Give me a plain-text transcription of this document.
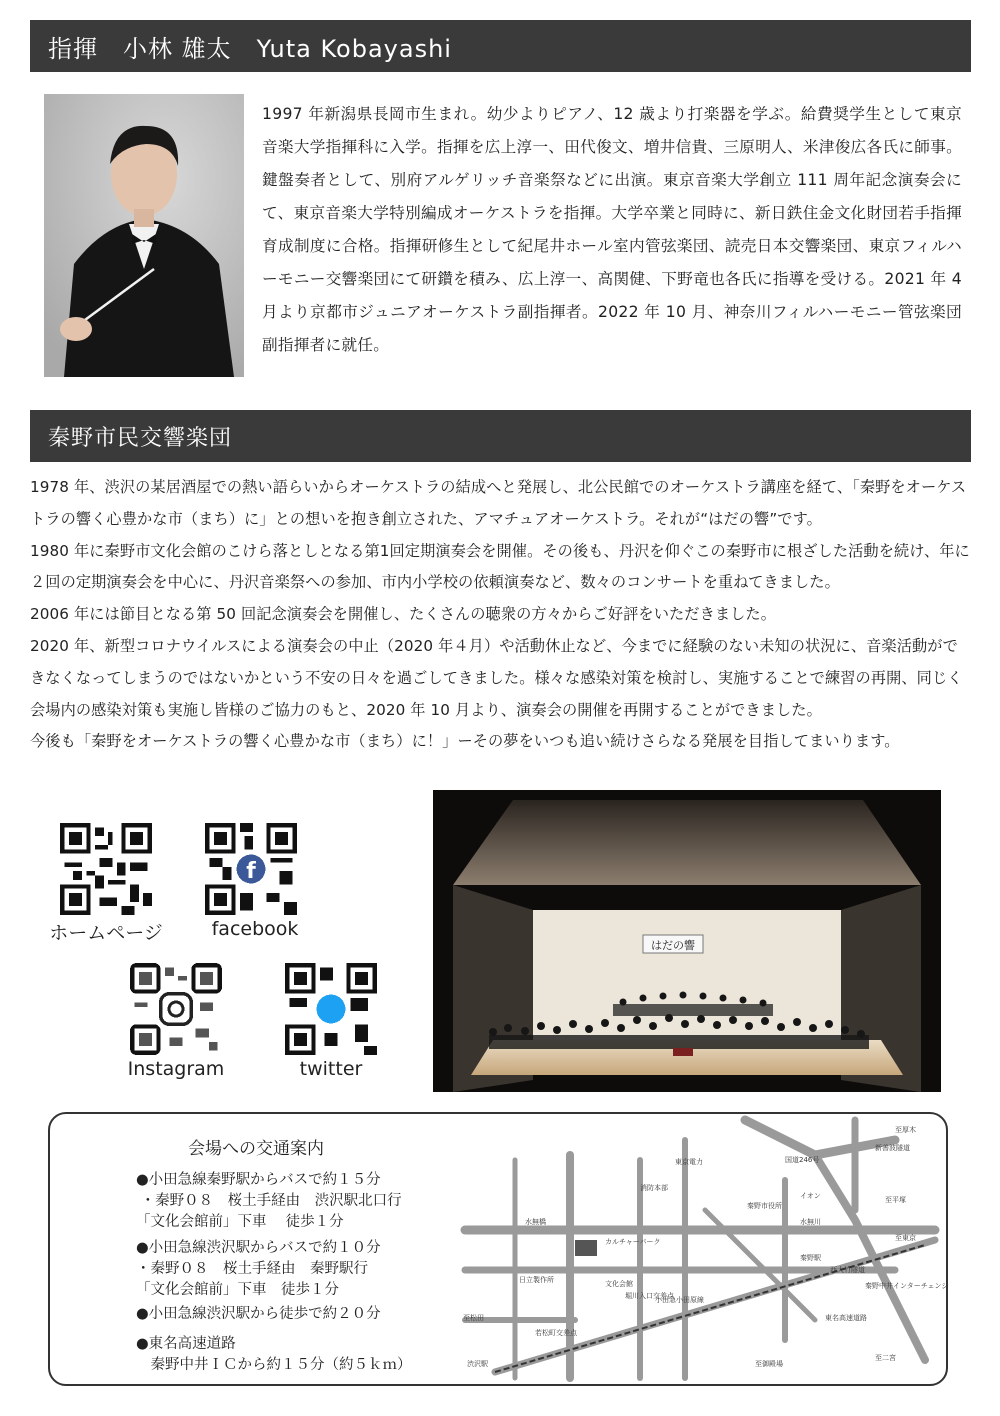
指揮　小林 雄太　Yuta Kobayashi
1997 年新潟県長岡市生まれ。幼少よりピアノ、12 歳より打楽器を学ぶ。給費奨学生として東京音楽大学指揮科に入学。指揮を広上淳一、田代俊文、増井信貴、三原明人、米津俊広各氏に師事。鍵盤奏者として、別府アルゲリッチ音楽祭などに出演。東京音楽大学創立 111 周年記念演奏会にて、東京音楽大学特別編成オーケストラを指揮。大学卒業と同時に、新日鉄住金文化財団若手指揮育成制度に合格。指揮研修生として紀尾井ホール室内管弦楽団、読売日本交響楽団、東京フィルハーモニー交響楽団にて研鑽を積み、広上淳一、高関健、下野竜也各氏に指導を受ける。2021 年 4 月より京都市ジュニアオーケストラ副指揮者。2022 年 10 月、神奈川フィルハーモニー管弦楽団副指揮者に就任。
秦野市民交響楽団

1978 年、渋沢の某居酒屋での熱い語らいからオーケストラの結成へと発展し、北公民館でのオーケストラ講座を経て、｢秦野をオーケストラの響く心豊かな市（まち）に」との想いを抱き創立された、アマチュアオーケストラ。それが“はだの響”です。

1980 年に秦野市文化会館のこけら落としとなる第1回定期演奏会を開催。その後も、丹沢を仰ぐこの秦野市に根ざした活動を続け、年に２回の定期演奏会を中心に、丹沢音楽祭への参加、市内小学校の依頼演奏など、数々のコンサートを重ねてきました。

2006 年には節目となる第 50 回記念演奏会を開催し、たくさんの聴衆の方々からご好評をいただきました。

2020 年、新型コロナウイルスによる演奏会の中止（2020 年４月）や活動休止など、今までに経験のない未知の状況に、音楽活動ができなくなってしまうのではないかという不安の日々を過ごしてきました。様々な感染対策を検討し、実施することで練習の再開、同じく会場内の感染対策も実施し皆様のご協力のもと、2020 年 10 月より、演奏会の開催を再開することができました。

今後も「秦野をオーケストラの響く心豊かな市（まち）に！」ーその夢をいつも追い続けさらなる発展を目指してまいります。

ホームページ
f
facebook
Instagram	twitter
はだの響
会場への交通案内
●小田急線秦野駅からバスで約１５分
・秦野０８　桜土手経由　渋沢駅北口行
「文化会館前」下車　 徒歩１分
●小田急線渋沢駅からバスで約１０分
・秦野０８　桜土手経由　秦野駅行
「文化会館前」下車　徒歩１分
●小田急線渋沢駅から徒歩で約２０分
●東名高速道路
　秦野中井ＩＣから約１５分（約５ｋｍ）
至厚木
新善波隧道
東京電力	国道246号
至平塚
消防本部
イオン
水無川
カルチャーパーク
日立製作所	文化会館
堀川入口交差点
秦野駅
至東京
西大竹隧道
秦野中井インターチェンジ
東名高速道路
至松田
渋沢駅
至二宮
至御殿場
小田急小田原線
若松町交差点
秦野市役所
水無橋
